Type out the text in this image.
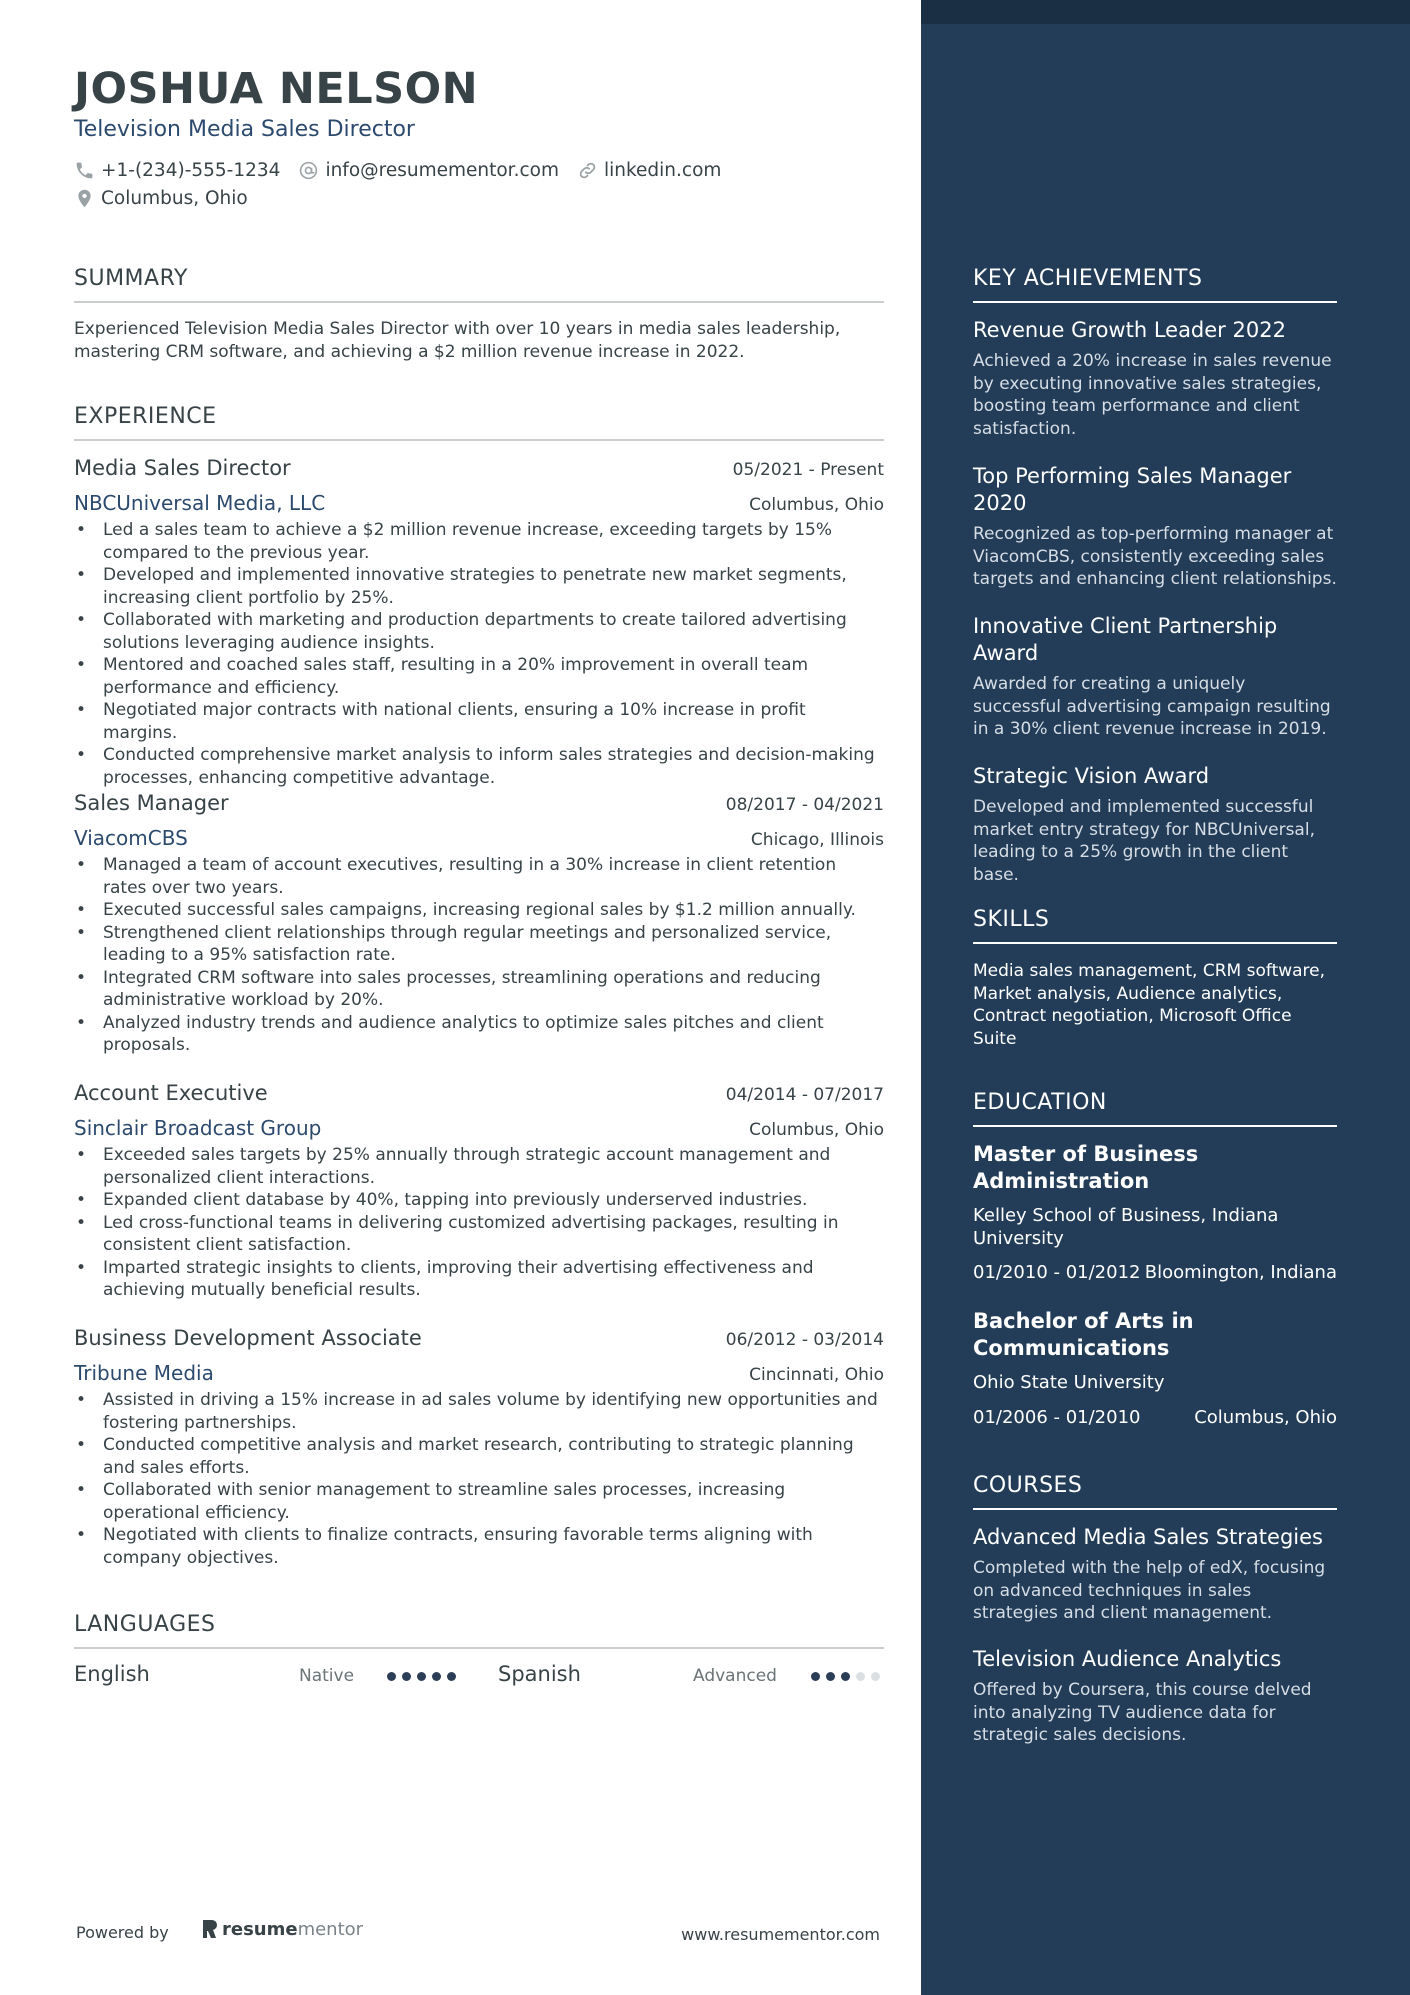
JOSHUA NELSON
Television Media Sales Director
+1-(234)-555-1234 info@resumementor.com linkedin.com
Columbus, Ohio
SUMMARY
Experienced Television Media Sales Director with over 10 years in media sales leadership, mastering CRM software, and achieving a $2 million revenue increase in 2022.
EXPERIENCE
Media Sales Director	05/2021 - Present
NBCUniversal Media, LLC	Columbus, Ohio
• Led a sales team to achieve a $2 million revenue increase, exceeding targets by 15% compared to the previous year.
• Developed and implemented innovative strategies to penetrate new market segments, increasing client portfolio by 25%.
• Collaborated with marketing and production departments to create tailored advertising solutions leveraging audience insights.
• Mentored and coached sales staff, resulting in a 20% improvement in overall team performance and efficiency.
• Negotiated major contracts with national clients, ensuring a 10% increase in profit margins.
• Conducted comprehensive market analysis to inform sales strategies and decision-making processes, enhancing competitive advantage.
Sales Manager	08/2017 - 04/2021
ViacomCBS	Chicago, Illinois
• Managed a team of account executives, resulting in a 30% increase in client retention rates over two years.
• Executed successful sales campaigns, increasing regional sales by $1.2 million annually.
• Strengthened client relationships through regular meetings and personalized service, leading to a 95% satisfaction rate.
• Integrated CRM software into sales processes, streamlining operations and reducing administrative workload by 20%.
• Analyzed industry trends and audience analytics to optimize sales pitches and client proposals.
Account Executive	04/2014 - 07/2017
Sinclair Broadcast Group	Columbus, Ohio
• Exceeded sales targets by 25% annually through strategic account management and personalized client interactions.
• Expanded client database by 40%, tapping into previously underserved industries.
• Led cross-functional teams in delivering customized advertising packages, resulting in consistent client satisfaction.
• Imparted strategic insights to clients, improving their advertising effectiveness and achieving mutually beneficial results.
Business Development Associate	06/2012 - 03/2014
Tribune Media	Cincinnati, Ohio
• Assisted in driving a 15% increase in ad sales volume by identifying new opportunities and fostering partnerships.
• Conducted competitive analysis and market research, contributing to strategic planning and sales efforts.
• Collaborated with senior management to streamline sales processes, increasing operational efficiency.
• Negotiated with clients to finalize contracts, ensuring favorable terms aligning with company objectives.
LANGUAGES
English	Native	Spanish	Advanced
Powered by	resume mentor	www.resumementor.com
KEY ACHIEVEMENTS
Revenue Growth Leader 2022
Achieved a 20% increase in sales revenue by executing innovative sales strategies, boosting team performance and client satisfaction.
Top Performing Sales Manager 2020
Recognized as top-performing manager at ViacomCBS, consistently exceeding sales targets and enhancing client relationships.
Innovative Client Partnership Award
Awarded for creating a uniquely successful advertising campaign resulting in a 30% client revenue increase in 2019.
Strategic Vision Award
Developed and implemented successful market entry strategy for NBCUniversal, leading to a 25% growth in the client base.
SKILLS
Media sales management, CRM software, Market analysis, Audience analytics, Contract negotiation, Microsoft Office Suite
EDUCATION
Master of Business Administration
Kelley School of Business, Indiana University
01/2010 - 01/2012 Bloomington, Indiana
Bachelor of Arts in Communications
Ohio State University
01/2006 - 01/2010	Columbus, Ohio
COURSES
Advanced Media Sales Strategies
Completed with the help of edX, focusing on advanced techniques in sales strategies and client management.
Television Audience Analytics
Offered by Coursera, this course delved into analyzing TV audience data for strategic sales decisions.
